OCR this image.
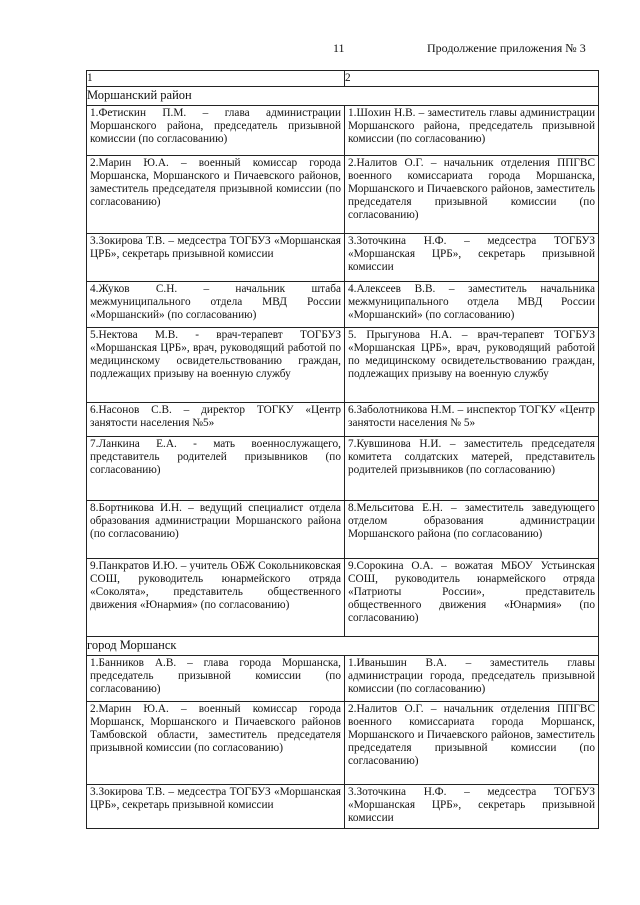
11	Продолжение приложения № 3
1	2
Моршанский район	
1.Фетискин П.М. – глава администрации Моршанского района, председатель призывной комиссии (по согласованию)	1.Шохин Н.В. – заместитель главы администрации Моршанского района, председатель призывной комиссии (по согласованию)
2.Марин Ю.А. – военный комиссар города Моршанска, Моршанского и Пичаевского районов, заместитель председателя призывной комиссии (по согласованию)	2.Налитов О.Г. – начальник отделения ППГВС военного комиссариата города Моршанска, Моршанского и Пичаевского районов, заместитель председателя призывной комиссии (по согласованию)
3.Зокирова Т.В. – медсестра ТОГБУЗ «Моршанская ЦРБ», секретарь призывной комиссии	3.Зоточкина Н.Ф. – медсестра ТОГБУЗ «Моршанская ЦРБ», секретарь призывной комиссии
4.Жуков С.Н. – начальник штаба межмуниципального отдела МВД России «Моршанский» (по согласованию)	4.Алексеев В.В. – заместитель начальника межмуниципального отдела МВД России «Моршанский» (по согласованию)
5.Нектова М.В. - врач-терапевт ТОГБУЗ «Моршанская ЦРБ», врач, руководящий работой по медицинскому освидетельствованию граждан, подлежащих призыву на военную службу	5. Прыгунова Н.А. – врач-терапевт ТОГБУЗ «Моршанская ЦРБ», врач, руководящий работой по медицинскому освидетельствованию граждан, подлежащих призыву на военную службу
6.Насонов С.В. – директор ТОГКУ «Центр занятости населения №5»	6.Заболотникова Н.М. – инспектор ТОГКУ «Центр занятости населения № 5»
7.Ланкина Е.А. - мать военнослужащего, представитель родителей призывников (по согласованию)	7.Кувшинова Н.И. – заместитель председателя комитета солдатских матерей, представитель родителей призывников (по согласованию)
8.Бортникова И.Н. – ведущий специалист отдела образования администрации Моршанского района (по согласованию)	8.Мельситова Е.Н. – заместитель заведующего отделом образования администрации Моршанского района (по согласованию)
9.Панкратов И.Ю. – учитель ОБЖ Сокольниковская СОШ, руководитель юнармейского отряда «Соколята», представитель общественного движения «Юнармия» (по согласованию)	9.Сорокина О.А. – вожатая МБОУ Устьинская СОШ, руководитель юнармейского отряда «Патриоты России», представитель общественного движения «Юнармия» (по согласованию)
город Моршанск	
1.Банников А.В. – глава города Моршанска, председатель призывной комиссии (по согласованию)	1.Иваньшин В.А. – заместитель главы администрации города, председатель призывной комиссии (по согласованию)
2.Марин Ю.А. – военный комиссар города Моршанск, Моршанского и Пичаевского районов Тамбовской области, заместитель председателя призывной комиссии (по согласованию)	2.Налитов О.Г. – начальник отделения ППГВС военного комиссариата города Моршанск, Моршанского и Пичаевского районов, заместитель председателя призывной комиссии (по согласованию)
3.Зокирова Т.В. – медсестра ТОГБУЗ «Моршанская ЦРБ», секретарь призывной комиссии	3.Зоточкина Н.Ф. – медсестра ТОГБУЗ «Моршанская ЦРБ», секретарь призывной комиссии
